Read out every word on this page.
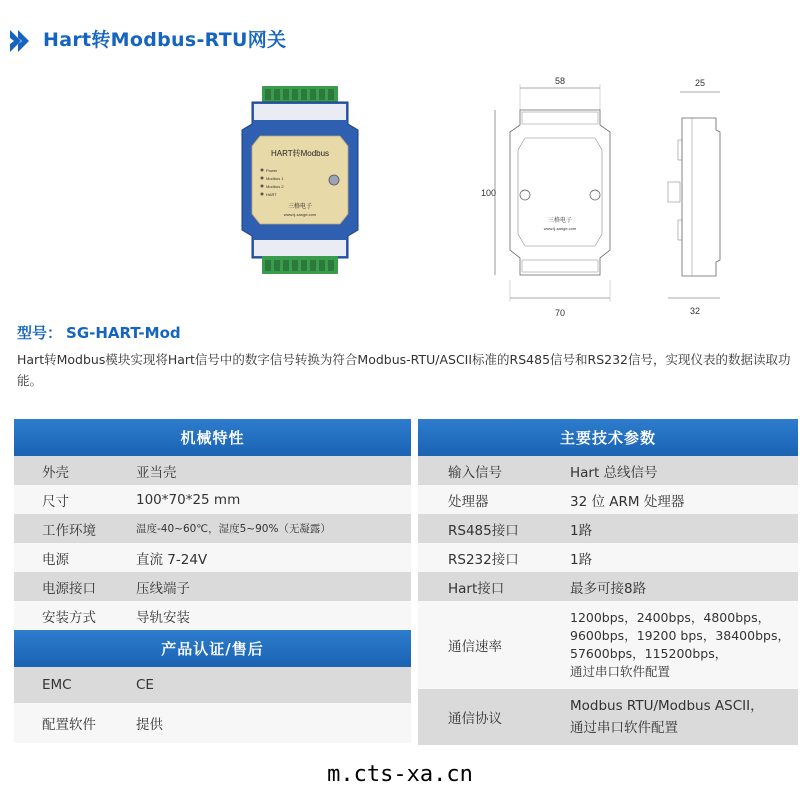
Hart转Modbus-RTU网关
HART转Modbus
Power
Modbus 1
Modbus 2
HART
三格电子
www.tj-sange.com
58
三格电子
www.tj-sange.com
100
70
25
32
型号： SG-HART-Mod
Hart转Modbus模块实现将Hart信号中的数字信号转换为符合Modbus-RTU/ASCII标准的RS485信号和RS232信号，实现仪表的数据读取功能。
机械特性	
外壳	亚当壳
尺寸	100*70*25 mm
工作环境	温度-40~60℃，湿度5~90%（无凝露）
电源	直流 7-24V
电源接口	压线端子
安装方式	导轨安装
产品认证/售后	
EMC	CE
配置软件	提供
主要技术参数	
输入信号	Hart 总线信号
处理器	32 位 ARM 处理器
RS485接口	1路
RS232接口	1路
Hart接口	最多可接8路
通信速率	1200bps，2400bps，4800bps，
9600bps，19200 bps，38400bps，
57600bps，115200bps，
通过串口软件配置

通信协议	Modbus RTU/Modbus ASCII，
通过串口软件配置
m.cts-xa.cn
